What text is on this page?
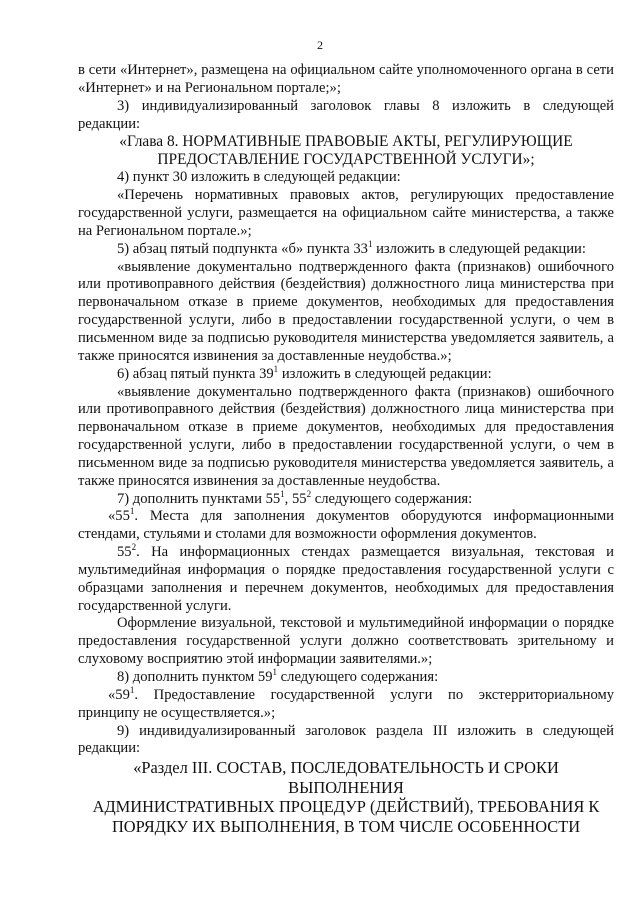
2

в сети «Интернет», размещена на официальном сайте уполномоченного органа в сети «Интернет» и на Региональном портале;»;

3) индивидуализированный заголовок главы 8 изложить в следующей редакции:

«Глава 8. НОРМАТИВНЫЕ ПРАВОВЫЕ АКТЫ, РЕГУЛИРУЮЩИЕ
ПРЕДОСТАВЛЕНИЕ ГОСУДАРСТВЕННОЙ УСЛУГИ»;

4) пункт 30 изложить в следующей редакции:

«Перечень нормативных правовых актов, регулирующих предоставление государственной услуги, размещается на официальном сайте министерства, а также на Региональном портале.»;

5) абзац пятый подпункта «б» пункта $33^1$ изложить в следующей редакции:

«выявление документально подтвержденного факта (признаков) ошибочного или противоправного действия (бездействия) должностного лица министерства при первоначальном отказе в приеме документов, необходимых для предоставления государственной услуги, либо в предоставлении государственной услуги, о чем в письменном виде за подписью руководителя министерства уведомляется заявитель, а также приносятся извинения за доставленные неудобства.»;

6) абзац пятый пункта $39^1$ изложить в следующей редакции:

«выявление документально подтвержденного факта (признаков) ошибочного или противоправного действия (бездействия) должностного лица министерства при первоначальном отказе в приеме документов, необходимых для предоставления государственной услуги, либо в предоставлении государственной услуги, о чем в письменном виде за подписью руководителя министерства уведомляется заявитель, а также приносятся извинения за доставленные неудобства.

7) дополнить пунктами $55^1$, $55^2$ следующего содержания:

«$55^1$. Места для заполнения документов оборудуются информационными стендами, стульями и столами для возможности оформления документов.

$55^2$. На информационных стендах размещается визуальная, текстовая и мультимедийная информация о порядке предоставления государственной услуги с образцами заполнения и перечнем документов, необходимых для предоставления государственной услуги.

Оформление визуальной, текстовой и мультимедийной информации о порядке предоставления государственной услуги должно соответствовать зрительному и слуховому восприятию этой информации заявителями.»;

8) дополнить пунктом $59^1$ следующего содержания:

«$59^1$. Предоставление государственной услуги по экстерриториальному принципу не осуществляется.»;

9) индивидуализированный заголовок раздела III изложить в следующей редакции:

«Раздел III. СОСТАВ, ПОСЛЕДОВАТЕЛЬНОСТЬ И СРОКИ ВЫПОЛНЕНИЯ
АДМИНИСТРАТИВНЫХ ПРОЦЕДУР (ДЕЙСТВИЙ), ТРЕБОВАНИЯ К
ПОРЯДКУ ИХ ВЫПОЛНЕНИЯ, В ТОМ ЧИСЛЕ ОСОБЕННОСТИ
